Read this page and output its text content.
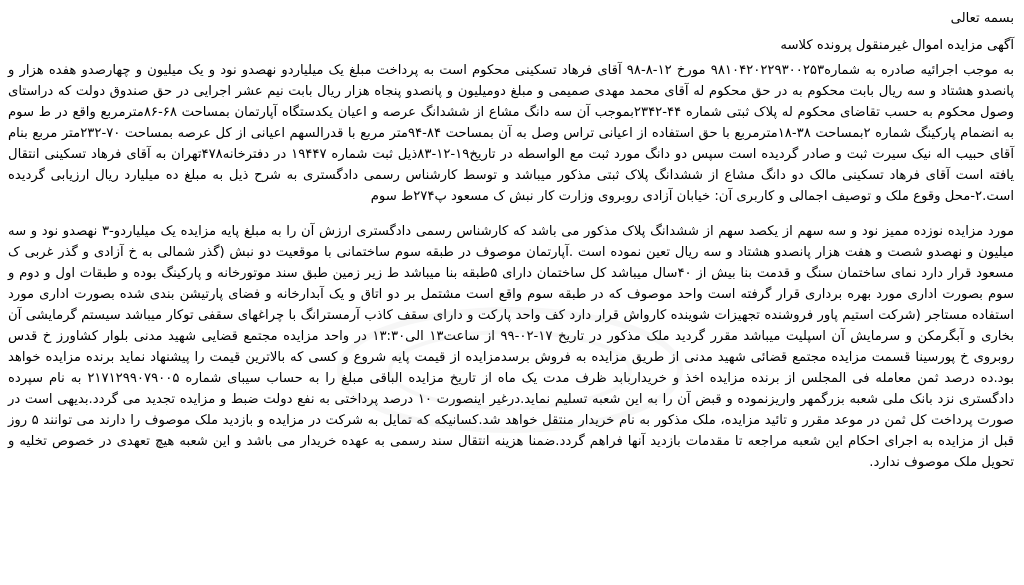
بسمه تعالی
آگهی مزایده اموال غیرمنقول پرونده کلاسه

به موجب اجرائیه صادره به شماره۹۸۱۰۴۲۰۲۲۹۳۰۰۲۵۳ مورخ ۱۲-۸-۹۸ آقای فرهاد تسکینی محکوم است به پرداخت مبلغ یک میلیاردو نهصدو نود و یک میلیون و چهارصدو هفده هزار و پانصدو هشتاد و سه ریال بابت محکوم به در حق محکوم له آقای محمد مهدی صمیمی و مبلغ دومیلیون و پانصدو پنجاه هزار ریال بابت نیم عشر اجرایی در حق صندوق دولت که دراستای وصول محکوم به حسب تقاضای محکوم له پلاک ثبتی شماره ۴۴-۲۳۴۲بموجب آن سه دانگ مشاع از ششدانگ عرصه و اعیان یکدستگاه آپارتمان بمساحت ۶۸-۸۶مترمربع واقع در ط سوم به انضمام پارکینگ شماره ۲بمساحت ۳۸-۱۸مترمربع با حق استفاده از اعیانی تراس وصل به آن بمساحت ۸۴-۹۴متر مربع با قدرالسهم اعیانی از کل عرصه بمساحت ۷۰-۲۳۲متر مربع بنام آقای حبیب اله نیک سیرت ثبت و صادر گردیده است سپس دو دانگ مورد ثبت مع الواسطه در تاریخ۱۹-۱۲-۸۳ذیل ثبت شماره ۱۹۴۴۷ در دفترخانه۴۷۸تهران به آقای فرهاد تسکینی انتقال یافته است آقای فرهاد تسکینی مالک دو دانگ مشاع از ششدانگ پلاک ثبتی مذکور میباشد و توسط کارشناس رسمی دادگستری به شرح ذیل به مبلغ ده میلیارد ریال ارزیابی گردیده است.۲-محل وقوع ملک و توصیف اجمالی و کاربری آن: خیابان آزادی روبروی وزارت کار نبش ک مسعود پ۲۷۴ط سوم

مورد مزایده نوزده ممیز نود و سه سهم از یکصد سهم از ششدانگ پلاک مذکور می باشد که کارشناس رسمی دادگستری ارزش آن را به مبلغ پایه مزایده یک میلیاردو-۳ نهصدو نود و سه میلیون و نهصدو شصت و هفت هزار پانصدو هشتاد و سه ریال تعین نموده است .آپارتمان موصوف در طبقه سوم ساختمانی با موقعیت دو نبش (گذر شمالی به خ آزادی و گذر غربی ک مسعود قرار دارد نمای ساختمان سنگ و قدمت بنا بیش از ۴۰سال میباشد کل ساختمان دارای ۵طبقه بنا میباشد ط زیر زمین طبق سند موتورخانه و پارکینگ بوده و طبقات اول و دوم و سوم بصورت اداری مورد بهره برداری قرار گرفته است واحد موصوف که در طبقه سوم واقع است مشتمل بر دو اتاق و یک آبدارخانه و فضای پارتیشن بندی شده بصورت اداری مورد استفاده مستاجر (شرکت استیم پاور فروشنده تجهیزات شوینده کارواش قرار دارد کف واحد پارکت و دارای سقف کاذب آرمسترانگ با چراغهای سقفی توکار میباشد سیستم گرمایشی آن بخاری و آبگرمکن و سرمایش آن اسپلیت میباشد مقرر گردید ملک مذکور در تاریخ ۱۷-۰۲-۹۹ از ساعت۱۳ الی۱۳:۳۰ در واحد مزایده مجتمع قضایی شهید مدنی بلوار کشاورز خ قدس روبروی خ پورسینا قسمت مزایده مجتمع قضائی شهید مدنی از طریق مزایده به فروش برسدمزایده از قیمت پایه شروع و کسی که بالاترین قیمت را پیشنهاد نماید برنده مزایده خواهد بود.ده درصد ثمن معامله فی المجلس از برنده مزایده اخذ و خریداربابد ظرف مدت یک ماه از تاریخ مزایده الباقی مبلغ را به حساب سیبای شماره ۲۱۷۱۲۹۹۰۷۹۰۰۵ به نام سپرده دادگستری نزد بانک ملی شعبه بزرگمهر واریزنموده و قبض آن را به این شعبه تسلیم نماید.درغیر اینصورت ۱۰ درصد پرداختی به نفع دولت ضبط و مزایده تجدید می گردد.بدیهی است در صورت پرداخت کل ثمن در موعد مقرر و تائید مزایده، ملک مذکور به نام خریدار منتقل خواهد شد.کسانیکه که تمایل به شرکت در مزایده و بازدید ملک موصوف را دارند می توانند ۵ روز قبل از مزایده به اجرای احکام این شعبه مراجعه تا مقدمات بازدید آنها فراهم گردد.ضمنا هزینه انتقال سند رسمی به عهده خریدار می باشد و این شعبه هیچ تعهدی در خصوص تخلیه و تحویل ملک موصوف ندارد.
